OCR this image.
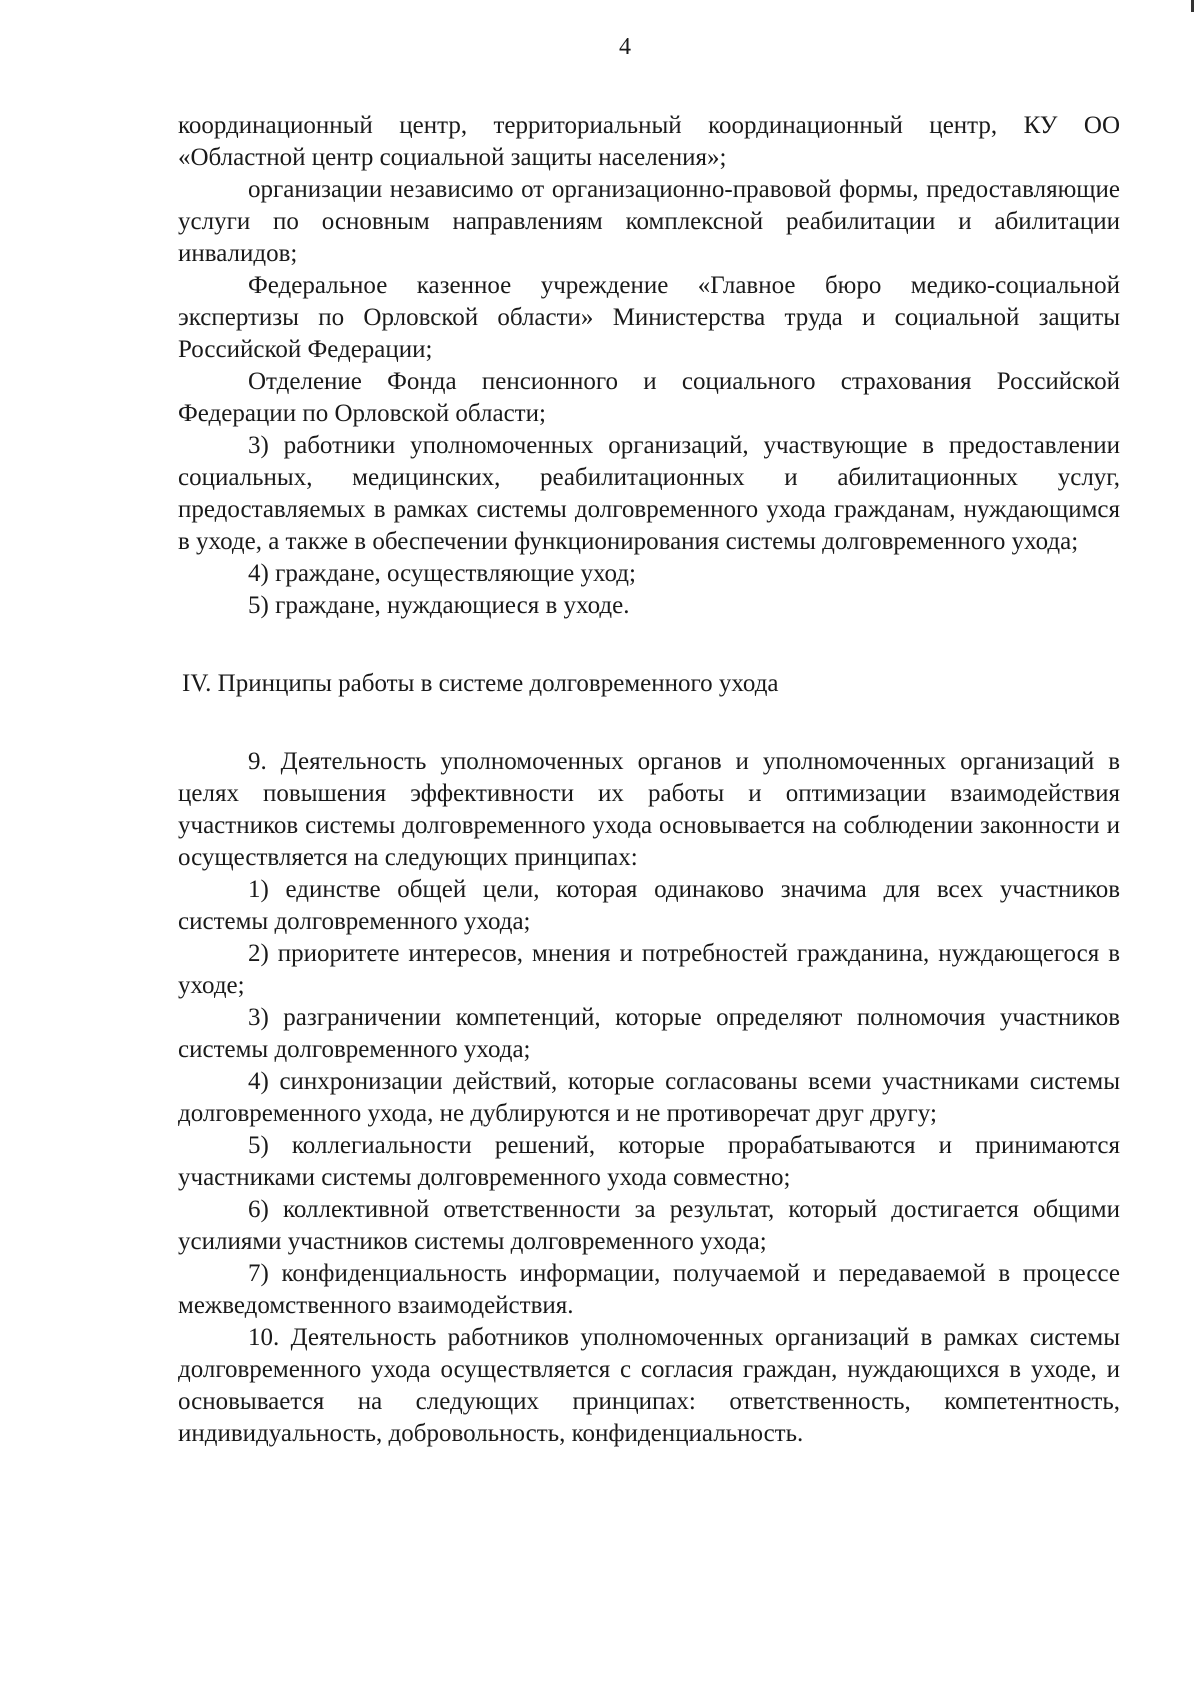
4

координационный центр, территориальный координационный центр, КУ ОО «Областной центр социальной защиты населения»;

организации независимо от организационно-правовой формы, предоставляющие услуги по основным направлениям комплексной реабилитации и абилитации инвалидов;

Федеральное казенное учреждение «Главное бюро медико-социальной экспертизы по Орловской области» Министерства труда и социальной защиты Российской Федерации;

Отделение Фонда пенсионного и социального страхования Российской Федерации по Орловской области;

3) работники уполномоченных организаций, участвующие в предоставлении социальных, медицинских, реабилитационных и абилитационных услуг, предоставляемых в рамках системы долговременного ухода гражданам, нуждающимся в уходе, а также в обеспечении функционирования системы долговременного ухода;

4) граждане, осуществляющие уход;

5) граждане, нуждающиеся в уходе.

IV. Принципы работы в системе долговременного ухода

9. Деятельность уполномоченных органов и уполномоченных организаций в целях повышения эффективности их работы и оптимизации взаимодействия участников системы долговременного ухода основывается на соблюдении законности и осуществляется на следующих принципах:

1) единстве общей цели, которая одинаково значима для всех участников системы долговременного ухода;

2) приоритете интересов, мнения и потребностей гражданина, нуждающегося в уходе;

3) разграничении компетенций, которые определяют полномочия участников системы долговременного ухода;

4) синхронизации действий, которые согласованы всеми участниками системы долговременного ухода, не дублируются и не противоречат друг другу;

5) коллегиальности решений, которые прорабатываются и принимаются участниками системы долговременного ухода совместно;

6) коллективной ответственности за результат, который достигается общими усилиями участников системы долговременного ухода;

7) конфиденциальность информации, получаемой и передаваемой в процессе межведомственного взаимодействия.

10. Деятельность работников уполномоченных организаций в рамках системы долговременного ухода осуществляется с согласия граждан, нуждающихся в уходе, и основывается на следующих принципах: ответственность, компетентность, индивидуальность, добровольность, конфиденциальность.
